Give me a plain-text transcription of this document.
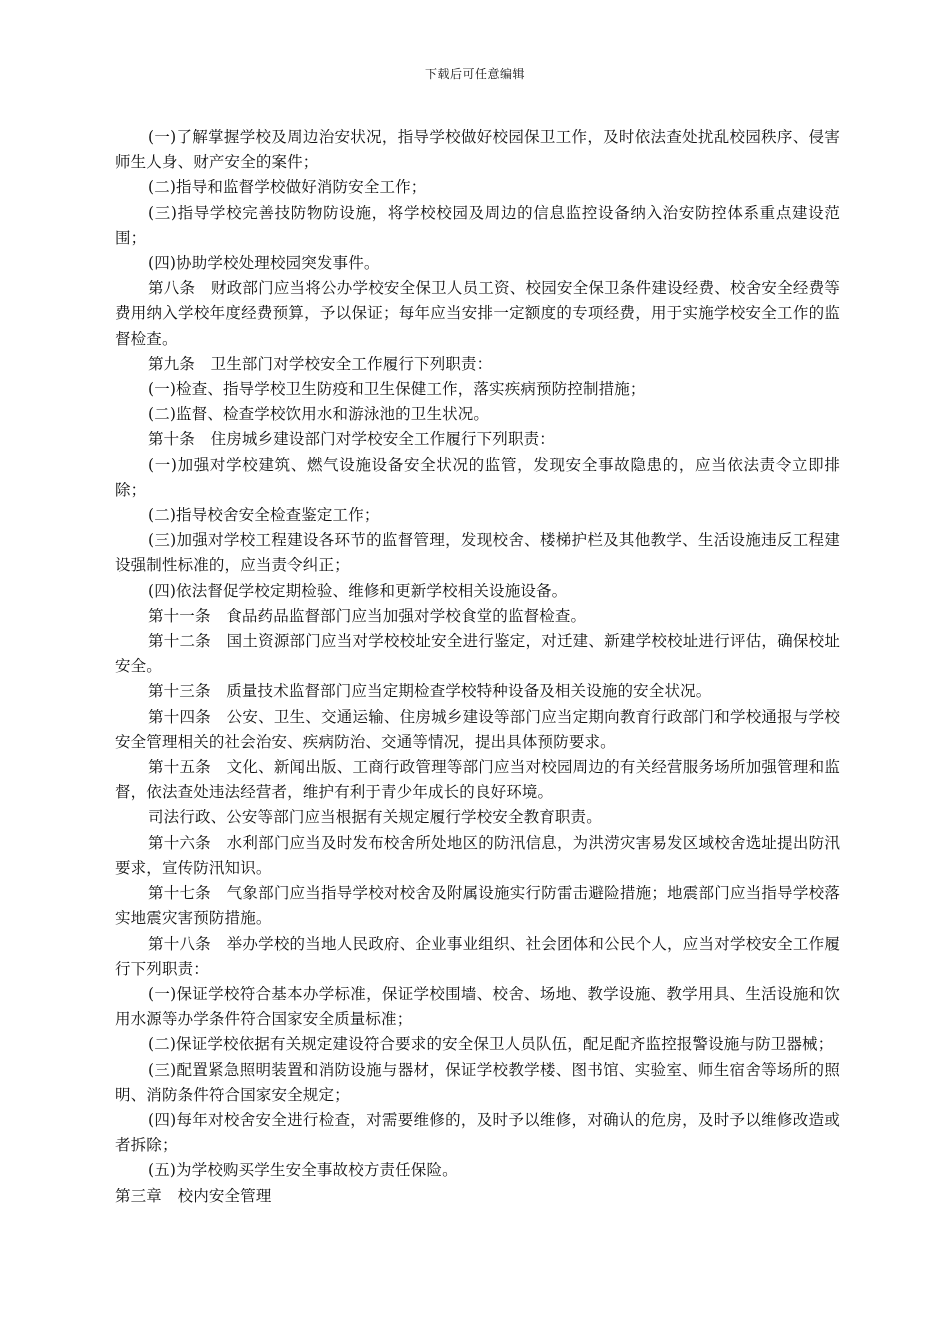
下载后可任意编辑

(一)了解掌握学校及周边治安状况，指导学校做好校园保卫工作，及时依法查处扰乱校园秩序、侵害师生人身、财产安全的案件；

(二)指导和监督学校做好消防安全工作；

(三)指导学校完善技防物防设施，将学校校园及周边的信息监控设备纳入治安防控体系重点建设范围；

(四)协助学校处理校园突发事件。

第八条　财政部门应当将公办学校安全保卫人员工资、校园安全保卫条件建设经费、校舍安全经费等费用纳入学校年度经费预算，予以保证；每年应当安排一定额度的专项经费，用于实施学校安全工作的监督检查。

第九条　卫生部门对学校安全工作履行下列职责：

(一)检查、指导学校卫生防疫和卫生保健工作，落实疾病预防控制措施；

(二)监督、检查学校饮用水和游泳池的卫生状况。

第十条　住房城乡建设部门对学校安全工作履行下列职责：

(一)加强对学校建筑、燃气设施设备安全状况的监管，发现安全事故隐患的，应当依法责令立即排除；

(二)指导校舍安全检查鉴定工作；

(三)加强对学校工程建设各环节的监督管理，发现校舍、楼梯护栏及其他教学、生活设施违反工程建设强制性标准的，应当责令纠正；

(四)依法督促学校定期检验、维修和更新学校相关设施设备。

第十一条　食品药品监督部门应当加强对学校食堂的监督检查。

第十二条　国土资源部门应当对学校校址安全进行鉴定，对迁建、新建学校校址进行评估，确保校址安全。

第十三条　质量技术监督部门应当定期检查学校特种设备及相关设施的安全状况。

第十四条　公安、卫生、交通运输、住房城乡建设等部门应当定期向教育行政部门和学校通报与学校安全管理相关的社会治安、疾病防治、交通等情况，提出具体预防要求。

第十五条　文化、新闻出版、工商行政管理等部门应当对校园周边的有关经营服务场所加强管理和监督，依法查处违法经营者，维护有利于青少年成长的良好环境。

司法行政、公安等部门应当根据有关规定履行学校安全教育职责。

第十六条　水利部门应当及时发布校舍所处地区的防汛信息，为洪涝灾害易发区域校舍选址提出防汛要求，宣传防汛知识。

第十七条　气象部门应当指导学校对校舍及附属设施实行防雷击避险措施；地震部门应当指导学校落实地震灾害预防措施。

第十八条　举办学校的当地人民政府、企业事业组织、社会团体和公民个人，应当对学校安全工作履行下列职责：

(一)保证学校符合基本办学标准，保证学校围墙、校舍、场地、教学设施、教学用具、生活设施和饮用水源等办学条件符合国家安全质量标准；

(二)保证学校依据有关规定建设符合要求的安全保卫人员队伍，配足配齐监控报警设施与防卫器械；

(三)配置紧急照明装置和消防设施与器材，保证学校教学楼、图书馆、实验室、师生宿舍等场所的照明、消防条件符合国家安全规定；

(四)每年对校舍安全进行检查，对需要维修的，及时予以维修，对确认的危房，及时予以维修改造或者拆除；

(五)为学校购买学生安全事故校方责任保险。

第三章　校内安全管理
